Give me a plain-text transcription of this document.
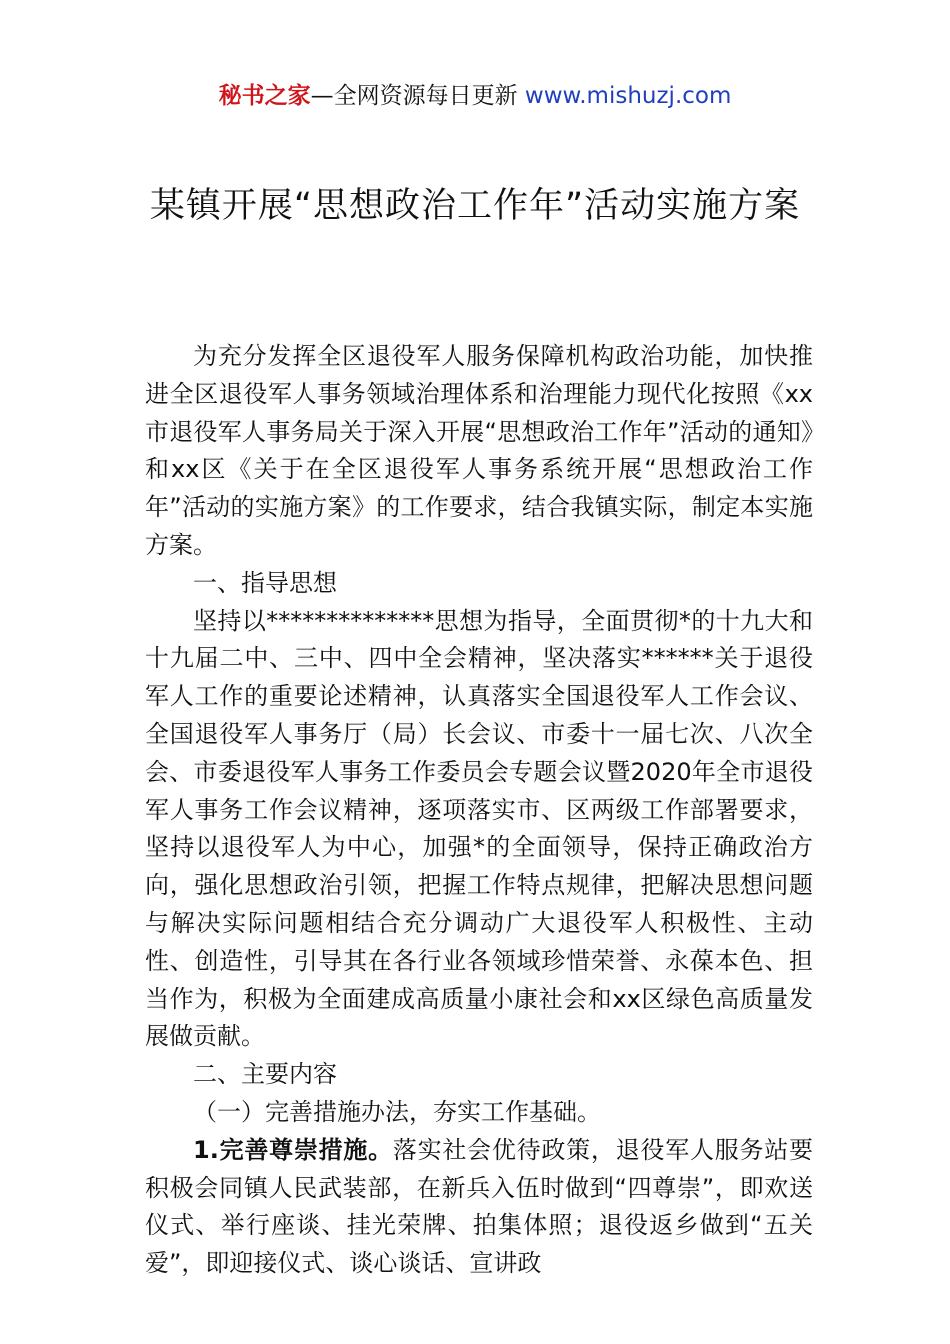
秘书之家—全网资源每日更新 www.mishuzj.com
某镇开展“思想政治工作年”活动实施方案

为充分发挥全区退役军人服务保障机构政治功能，加快推进全区退役军人事务领域治理体系和治理能力现代化按照《xx市退役军人事务局关于深入开展“思想政治工作年”活动的通知》和xx区《关于在全区退役军人事务系统开展“思想政治工作年”活动的实施方案》的工作要求，结合我镇实际，制定本实施方案。

一、指导思想

坚持以**************思想为指导，全面贯彻*的十九大和十九届二中、三中、四中全会精神，坚决落实******关于退役军人工作的重要论述精神，认真落实全国退役军人工作会议、全国退役军人事务厅（局）长会议、市委十一届七次、八次全会、市委退役军人事务工作委员会专题会议暨2020年全市退役军人事务工作会议精神，逐项落实市、区两级工作部署要求，坚持以退役军人为中心，加强*的全面领导，保持正确政治方向，强化思想政治引领，把握工作特点规律，把解决思想问题与解决实际问题相结合充分调动广大退役军人积极性、主动性、创造性，引导其在各行业各领域珍惜荣誉、永葆本色、担当作为，积极为全面建成高质量小康社会和xx区绿色高质量发展做贡献。

二、主要内容

（一）完善措施办法，夯实工作基础。

1.完善尊崇措施。落实社会优待政策，退役军人服务站要积极会同镇人民武装部，在新兵入伍时做到“四尊崇”，即欢送仪式、举行座谈、挂光荣牌、拍集体照；退役返乡做到“五关爱”，即迎接仪式、谈心谈话、宣讲政
